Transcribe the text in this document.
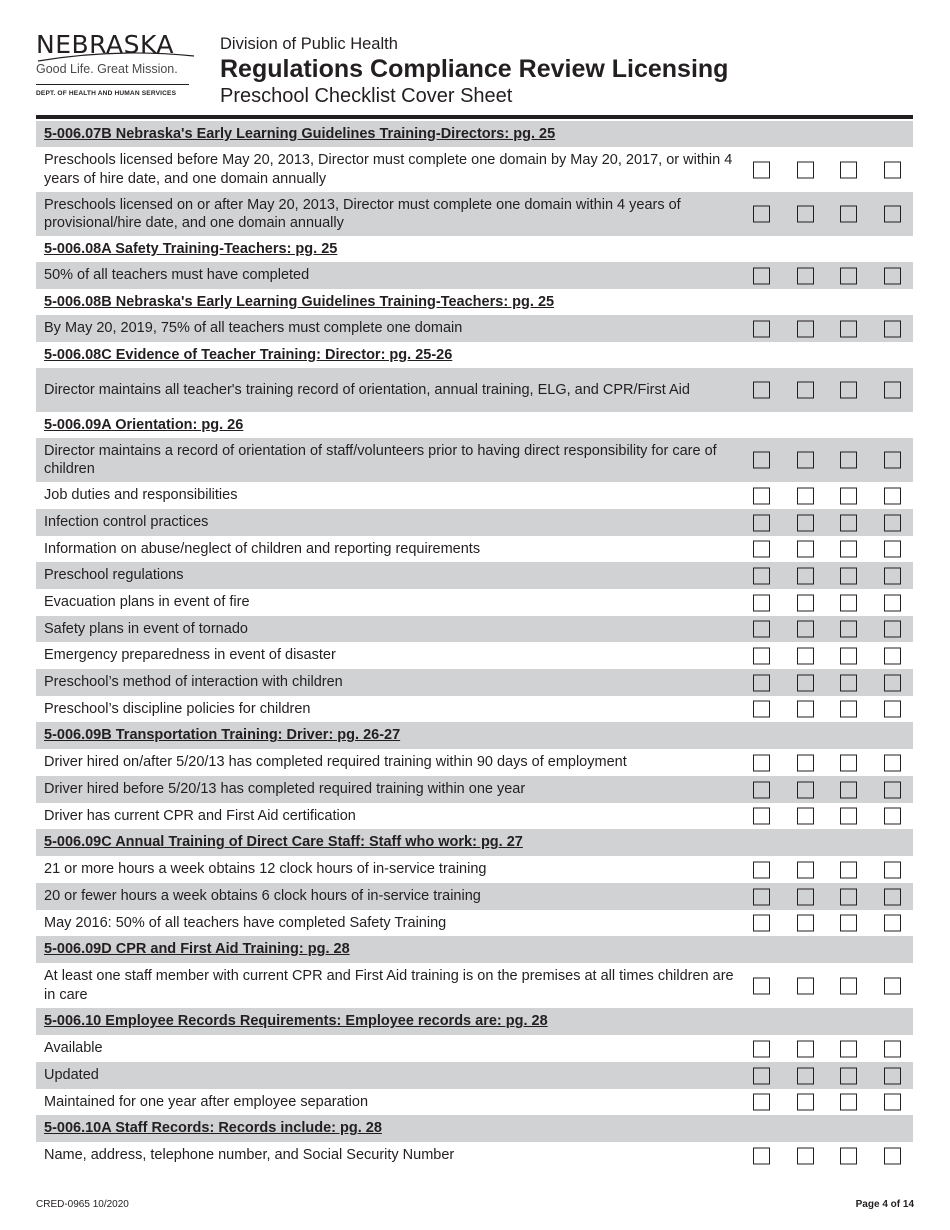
NEBRASKA
Good Life. Great Mission.
DEPT. OF HEALTH AND HUMAN SERVICES
Division of Public Health
Regulations Compliance Review Licensing
Preschool Checklist Cover Sheet
5-006.07B Nebraska's Early Learning Guidelines Training-Directors: pg. 25
Preschools licensed before May 20, 2013, Director must complete one domain by May 20, 2017, or within 4 years of hire date, and one domain annually
Preschools licensed on or after May 20, 2013, Director must complete one domain within 4 years of provisional/hire date, and one domain annually
5-006.08A Safety Training-Teachers: pg. 25
50% of all teachers must have completed
5-006.08B Nebraska's Early Learning Guidelines Training-Teachers: pg. 25
By May 20, 2019, 75% of all teachers must complete one domain
5-006.08C Evidence of Teacher Training: Director: pg. 25-26
Director maintains all teacher's training record of orientation, annual training, ELG, and CPR/First Aid
5-006.09A Orientation: pg. 26
Director maintains a record of orientation of staff/volunteers prior to having direct responsibility for care of children
Job duties and responsibilities
Infection control practices
Information on abuse/neglect of children and reporting requirements
Preschool regulations
Evacuation plans in event of fire
Safety plans in event of tornado
Emergency preparedness in event of disaster
Preschool’s method of interaction with children
Preschool’s discipline policies for children
5-006.09B Transportation Training: Driver: pg. 26-27
Driver hired on/after 5/20/13 has completed required training within 90 days of employment
Driver hired before 5/20/13 has completed required training within one year
Driver has current CPR and First Aid certification
5-006.09C Annual Training of Direct Care Staff: Staff who work: pg. 27
21 or more hours a week obtains 12 clock hours of in-service training
20 or fewer hours a week obtains 6 clock hours of in-service training
May 2016: 50% of all teachers have completed Safety Training
5-006.09D CPR and First Aid Training: pg. 28
At least one staff member with current CPR and First Aid training is on the premises at all times children are in care
5-006.10 Employee Records Requirements: Employee records are: pg. 28
Available
Updated
Maintained for one year after employee separation
5-006.10A Staff Records: Records include: pg. 28
Name, address, telephone number, and Social Security Number
CRED-0965 10/2020	Page 4 of 14
